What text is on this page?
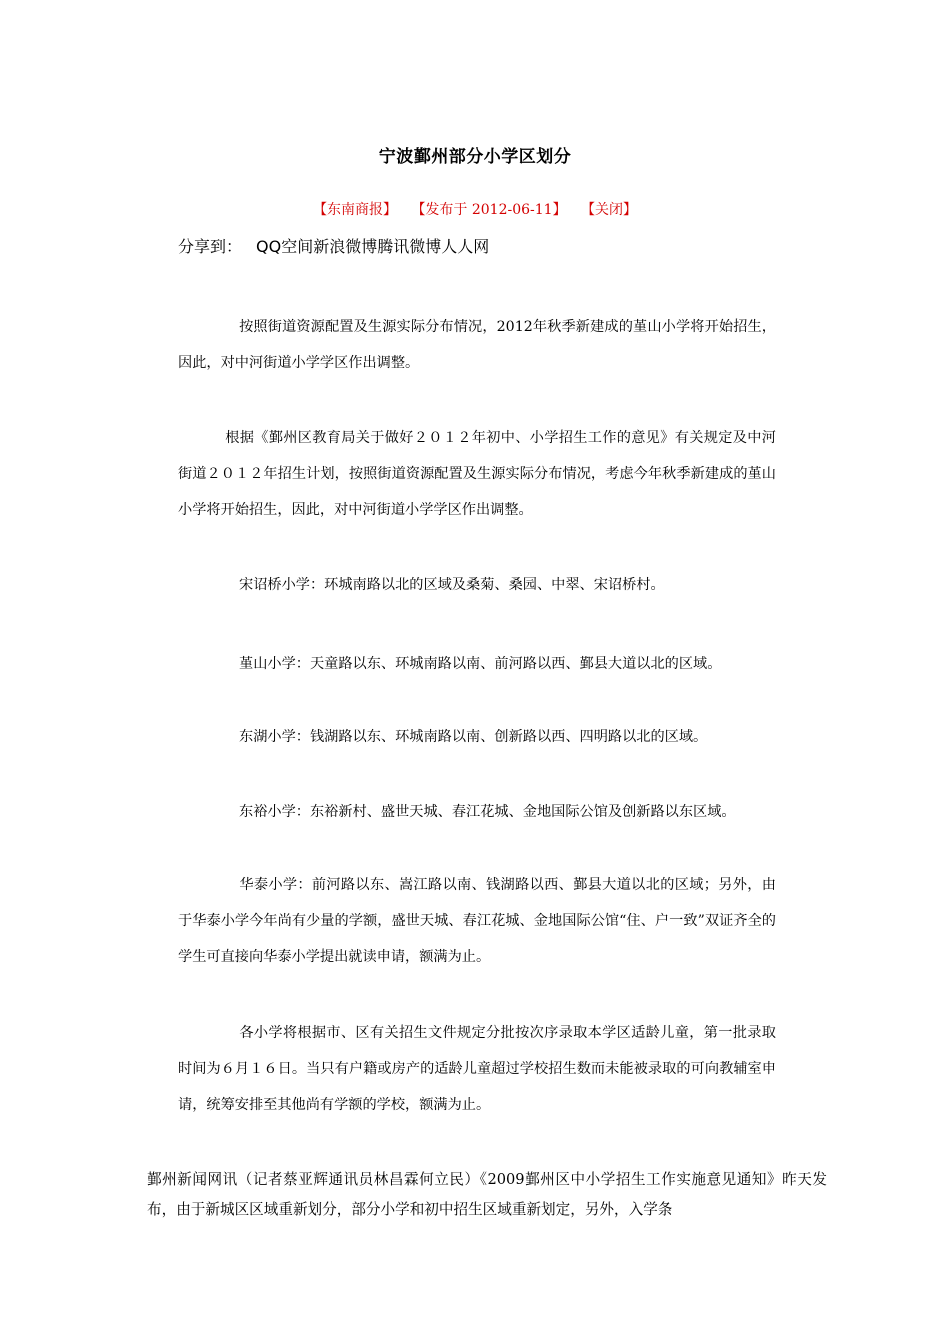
宁波鄞州部分小学区划分
【东南商报】 【发布于 2012-06-11】 【关闭】
分享到： QQ空间新浪微博腾讯微博人人网

按照街道资源配置及生源实际分布情况，2012年秋季新建成的堇山小学将开始招生，因此，对中河街道小学学区作出调整。

根据《鄞州区教育局关于做好２０１２年初中、小学招生工作的意见》有关规定及中河街道２０１２年招生计划，按照街道资源配置及生源实际分布情况，考虑今年秋季新建成的堇山小学将开始招生，因此，对中河街道小学学区作出调整。

宋诏桥小学：环城南路以北的区域及桑菊、桑园、中翠、宋诏桥村。
堇山小学：天童路以东、环城南路以南、前河路以西、鄞县大道以北的区域。
东湖小学：钱湖路以东、环城南路以南、创新路以西、四明路以北的区域。
东裕小学：东裕新村、盛世天城、春江花城、金地国际公馆及创新路以东区域。

华泰小学：前河路以东、嵩江路以南、钱湖路以西、鄞县大道以北的区域；另外，由于华泰小学今年尚有少量的学额，盛世天城、春江花城、金地国际公馆“住、户一致”双证齐全的学生可直接向华泰小学提出就读申请，额满为止。

各小学将根据市、区有关招生文件规定分批按次序录取本学区适龄儿童，第一批录取时间为６月１６日。当只有户籍或房产的适龄儿童超过学校招生数而未能被录取的可向教辅室申请，统筹安排至其他尚有学额的学校，额满为止。

鄞州新闻网讯（记者蔡亚辉通讯员林昌霖何立民）《2009鄞州区中小学招生工作实施意见通知》昨天发布，由于新城区区域重新划分，部分小学和初中招生区域重新划定，另外，入学条
